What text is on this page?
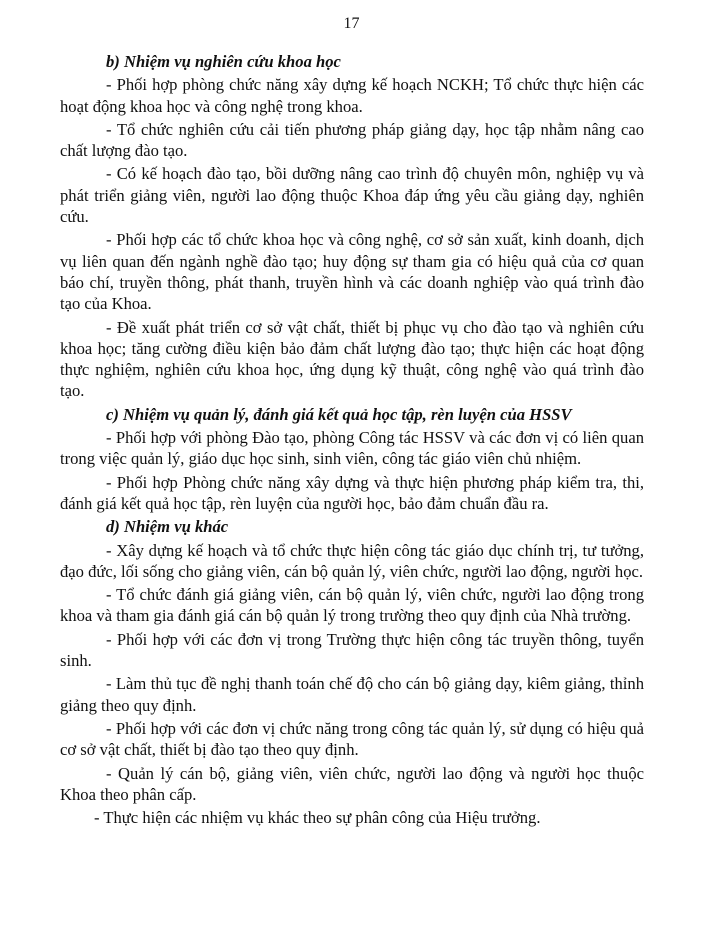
17
b) Nhiệm vụ nghiên cứu khoa học

- Phối hợp phòng chức năng xây dựng kế hoạch NCKH; Tổ chức thực hiện các hoạt động khoa học và công nghệ trong khoa.

- Tổ chức nghiên cứu cải tiến phương pháp giảng dạy, học tập nhằm nâng cao chất lượng đào tạo.

- Có kế hoạch đào tạo, bồi dưỡng nâng cao trình độ chuyên môn, nghiệp vụ và phát triển giảng viên, người lao động thuộc Khoa đáp ứng yêu cầu giảng dạy, nghiên cứu.

- Phối hợp các tổ chức khoa học và công nghệ, cơ sở sản xuất, kinh doanh, dịch vụ liên quan đến ngành nghề đào tạo; huy động sự tham gia có hiệu quả của cơ quan báo chí, truyền thông, phát thanh, truyền hình và các doanh nghiệp vào quá trình đào tạo của Khoa.

- Đề xuất phát triển cơ sở vật chất, thiết bị phục vụ cho đào tạo và nghiên cứu khoa học; tăng cường điều kiện bảo đảm chất lượng đào tạo; thực hiện các hoạt động thực nghiệm, nghiên cứu khoa học, ứng dụng kỹ thuật, công nghệ vào quá trình đào tạo.

c) Nhiệm vụ quản lý, đánh giá kết quả học tập, rèn luyện của HSSV

- Phối hợp với phòng Đào tạo, phòng Công tác HSSV và các đơn vị có liên quan trong việc quản lý, giáo dục học sinh, sinh viên, công tác giáo viên chủ nhiệm.

- Phối hợp Phòng chức năng xây dựng và thực hiện phương pháp kiểm tra, thi, đánh giá kết quả học tập, rèn luyện của người học, bảo đảm chuẩn đầu ra.

d) Nhiệm vụ khác

- Xây dựng kế hoạch và tổ chức thực hiện công tác giáo dục chính trị, tư tưởng, đạo đức, lối sống cho giảng viên, cán bộ quản lý, viên chức, người lao động, người học.

- Tổ chức đánh giá giảng viên, cán bộ quản lý, viên chức, người lao động trong khoa và tham gia đánh giá cán bộ quản lý trong trường theo quy định của Nhà trường.

- Phối hợp với các đơn vị trong Trường thực hiện công tác truyền thông, tuyển sinh.

- Làm thủ tục đề nghị thanh toán chế độ cho cán bộ giảng dạy, kiêm giảng, thỉnh giảng theo quy định.

- Phối hợp với các đơn vị chức năng trong công tác quản lý, sử dụng có hiệu quả cơ sở vật chất, thiết bị đào tạo theo quy định.

- Quản lý cán bộ, giảng viên, viên chức, người lao động và người học thuộc Khoa theo phân cấp.

- Thực hiện các nhiệm vụ khác theo sự phân công của Hiệu trưởng.
